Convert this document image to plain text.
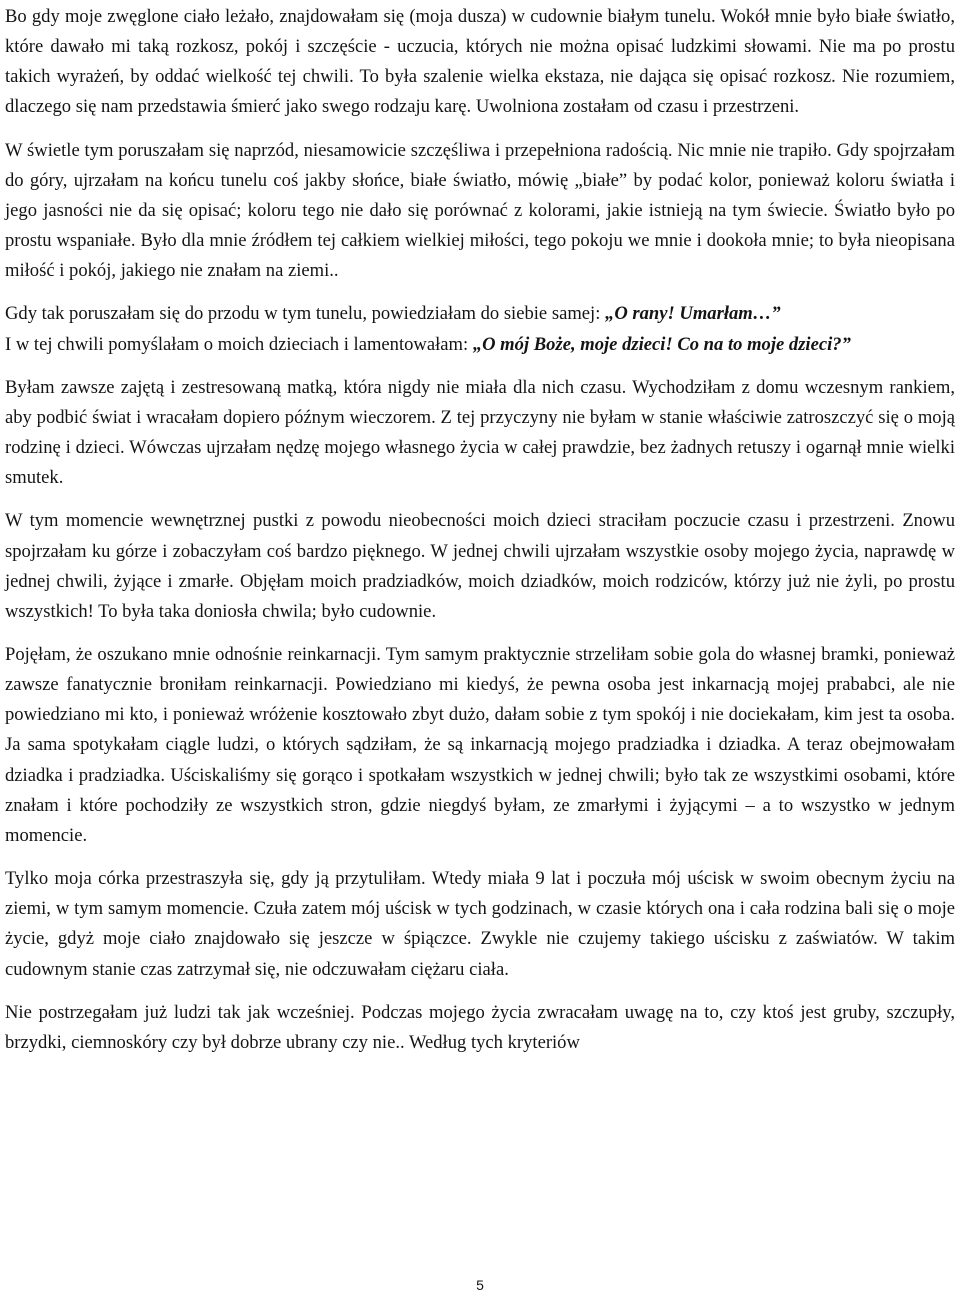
Bo gdy moje zwęglone ciało leżało, znajdowałam się (moja dusza) w cudownie białym tunelu. Wokół mnie było białe światło, które dawało mi taką rozkosz, pokój i szczęście - uczucia, których nie można opisać ludzkimi słowami. Nie ma po prostu takich wyrażeń, by oddać wielkość tej chwili. To była szalenie wielka ekstaza, nie dająca się opisać rozkosz. Nie rozumiem, dlaczego się nam przedstawia śmierć jako swego rodzaju karę. Uwolniona zostałam od czasu i przestrzeni.

W świetle tym poruszałam się naprzód, niesamowicie szczęśliwa i przepełniona radością. Nic mnie nie trapiło. Gdy spojrzałam do góry, ujrzałam na końcu tunelu coś jakby słońce, białe światło, mówię „białe” by podać kolor, ponieważ koloru światła i jego jasności nie da się opisać; koloru tego nie dało się porównać z kolorami, jakie istnieją na tym świecie. Światło było po prostu wspaniałe. Było dla mnie źródłem tej całkiem wielkiej miłości, tego pokoju we mnie i dookoła mnie; to była nieopisana miłość i pokój, jakiego nie znałam na ziemi..

Gdy tak poruszałam się do przodu w tym tunelu, powiedziałam do siebie samej: „O rany! Umarłam…”
I w tej chwili pomyślałam o moich dzieciach i lamentowałam: „O mój Boże, moje dzieci! Co na to moje dzieci?”

Byłam zawsze zajętą i zestresowaną matką, która nigdy nie miała dla nich czasu. Wychodziłam z domu wczesnym rankiem, aby podbić świat i wracałam dopiero późnym wieczorem. Z tej przyczyny nie byłam w stanie właściwie zatroszczyć się o moją rodzinę i dzieci. Wówczas ujrzałam nędzę mojego własnego życia w całej prawdzie, bez żadnych retuszy i ogarnął mnie wielki smutek.

W tym momencie wewnętrznej pustki z powodu nieobecności moich dzieci straciłam poczucie czasu i przestrzeni. Znowu spojrzałam ku górze i zobaczyłam coś bardzo pięknego. W jednej chwili ujrzałam wszystkie osoby mojego życia, naprawdę w jednej chwili, żyjące i zmarłe. Objęłam moich pradziadków, moich dziadków, moich rodziców, którzy już nie żyli, po prostu wszystkich! To była taka doniosła chwila; było cudownie.

Pojęłam, że oszukano mnie odnośnie reinkarnacji. Tym samym praktycznie strzeliłam sobie gola do własnej bramki, ponieważ zawsze fanatycznie broniłam reinkarnacji. Powiedziano mi kiedyś, że pewna osoba jest inkarnacją mojej prababci, ale nie powiedziano mi kto, i ponieważ wróżenie kosztowało zbyt dużo, dałam sobie z tym spokój i nie dociekałam, kim jest ta osoba. Ja sama spotykałam ciągle ludzi, o których sądziłam, że są inkarnacją mojego pradziadka i dziadka. A teraz obejmowałam dziadka i pradziadka. Uściskaliśmy się gorąco i spotkałam wszystkich w jednej chwili; było tak ze wszystkimi osobami, które znałam i które pochodziły ze wszystkich stron, gdzie niegdyś byłam, ze zmarłymi i żyjącymi – a to wszystko w jednym momencie.

Tylko moja córka przestraszyła się, gdy ją przytuliłam. Wtedy miała 9 lat i poczuła mój uścisk w swoim obecnym życiu na ziemi, w tym samym momencie. Czuła zatem mój uścisk w tych godzinach, w czasie których ona i cała rodzina bali się o moje życie, gdyż moje ciało znajdowało się jeszcze w śpiączce. Zwykle nie czujemy takiego uścisku z zaświatów. W takim cudownym stanie czas zatrzymał się, nie odczuwałam ciężaru ciała.

Nie postrzegałam już ludzi tak jak wcześniej. Podczas mojego życia zwracałam uwagę na to, czy ktoś jest gruby, szczupły, brzydki, ciemnoskóry czy był dobrze ubrany czy nie.. Według tych kryteriów

5
